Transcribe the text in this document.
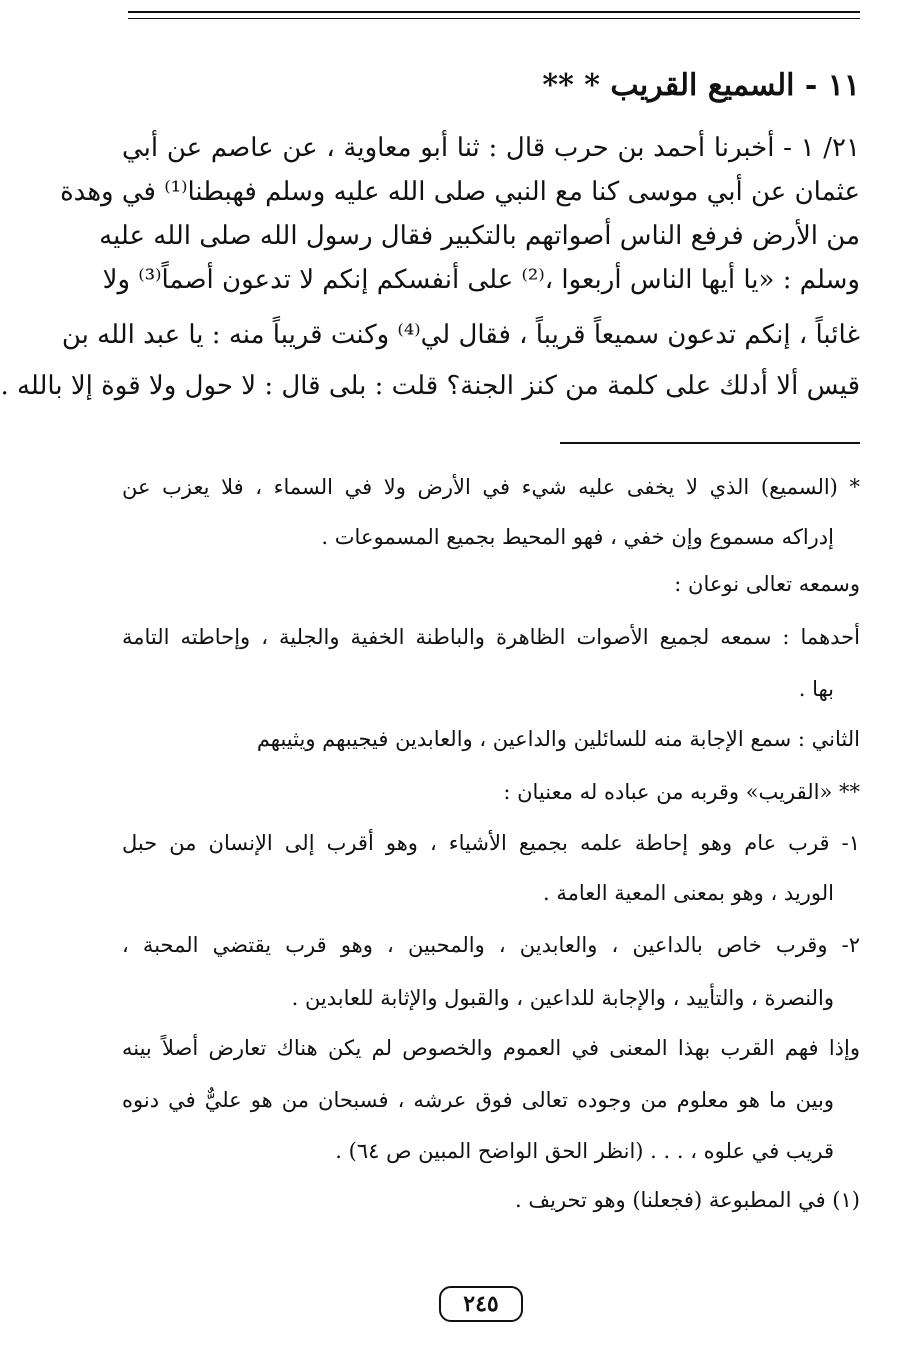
١١ - السميع القريب * **
٢١/ ١ - أخبرنا أحمد بن حرب قال : ثنا أبو معاوية ، عن عاصم عن أبي
عثمان عن أبي موسى كنا مع النبي صلى الله عليه وسلم فهبطنا⁽¹⁾ في وهدة
من الأرض فرفع الناس أصواتهم بالتكبير فقال رسول الله صلى الله عليه
وسلم : «يا أيها الناس أربعوا ،⁽²⁾ على أنفسكم إنكم لا تدعون أصماً⁽³⁾ ولا
غائباً ، إنكم تدعون سميعاً قريباً ، فقال لي⁽⁴⁾ وكنت قريباً منه : يا عبد الله بن
قيس ألا أدلك على كلمة من كنز الجنة؟ قلت : بلى قال : لا حول ولا قوة إلا بالله .
* (السميع) الذي لا يخفى عليه شيء في الأرض ولا في السماء ، فلا يعزب عن
إدراكه مسموع وإن خفي ، فهو المحيط بجميع المسموعات .
وسمعه تعالى نوعان :
أحدهما : سمعه لجميع الأصوات الظاهرة والباطنة الخفية والجلية ، وإحاطته التامة
بها .
الثاني : سمع الإجابة منه للسائلين والداعين ، والعابدين فيجيبهم ويثيبهم
** «القريب» وقربه من عباده له معنيان :
١- قرب عام وهو إحاطة علمه بجميع الأشياء ، وهو أقرب إلى الإنسان من حبل
الوريد ، وهو بمعنى المعية العامة .
٢- وقرب خاص بالداعين ، والعابدين ، والمحبين ، وهو قرب يقتضي المحبة ،
والنصرة ، والتأييد ، والإجابة للداعين ، والقبول والإثابة للعابدين .
وإذا فهم القرب بهذا المعنى في العموم والخصوص لم يكن هناك تعارض أصلاً بينه
وبين ما هو معلوم من وجوده تعالى فوق عرشه ، فسبحان من هو عليٌّ في دنوه
قريب في علوه ، . . . (انظر الحق الواضح المبين ص ٦٤) .
(١) في المطبوعة (فجعلنا) وهو تحريف .
٢٤٥
